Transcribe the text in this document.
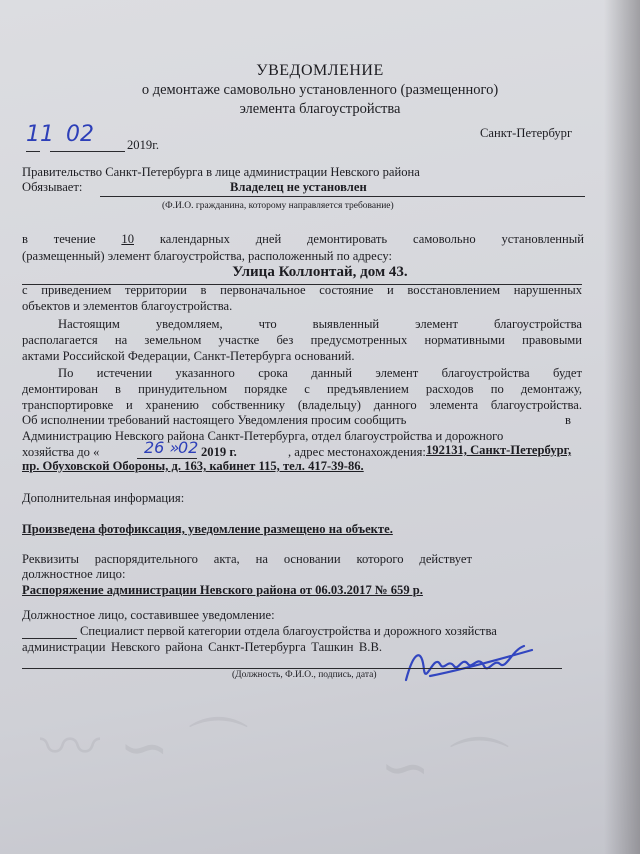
〰 ∽ ⌒ ∽ ⌒
УВЕДОМЛЕНИЕ
о демонтаже самовольно установленного (размещенного)
элемента благоустройства
11 02	2019г.
Санкт-Петербург
Правительство Санкт-Петербурга в лице администрации Невского района
Обязывает:	Владелец не установлен
(Ф.И.О. гражданина, которому направляется требование)
в течение 10 календарных дней демонтировать самовольно установленный
(размещенный) элемент благоустройства, расположенный по адресу:
Улица Коллонтай, дом 43.
с приведением территории в первоначальное состояние и восстановлением нарушенных
объектов и элементов благоустройства.
Настоящим уведомляем, что выявленный элемент благоустройства
располагается на земельном участке без предусмотренных нормативными правовыми
актами Российской Федерации, Санкт-Петербурга оснований.
По истечении указанного срока данный элемент благоустройства будет
демонтирован в принудительном порядке с предъявлением расходов по демонтажу,
транспортировке и хранению собственнику (владельцу) данного элемента благоустройства.
Об исполнении требований настоящего Уведомления просим сообщить	в
Администрацию Невского района Санкт-Петербурга, отдел благоустройства и дорожного
хозяйства до «	26 »
02 2019 г.	, адрес местонахождения: 192131, Санкт-Петербург,
пр. Обуховской Обороны, д. 163, кабинет 115, тел. 417-39-86.
Дополнительная информация:
Произведена фотофиксация, уведомление размещено на объекте.
Реквизиты распорядительного акта, на основании которого действует
должностное лицо:
Распоряжение администрации Невского района от 06.03.2017 № 659 р.
Должностное лицо, составившее уведомление:
Специалист первой категории отдела благоустройства и дорожного хозяйства
администрации Невского района Санкт-Петербурга Ташкин В.В.
(Должность, Ф.И.О., подпись, дата)
